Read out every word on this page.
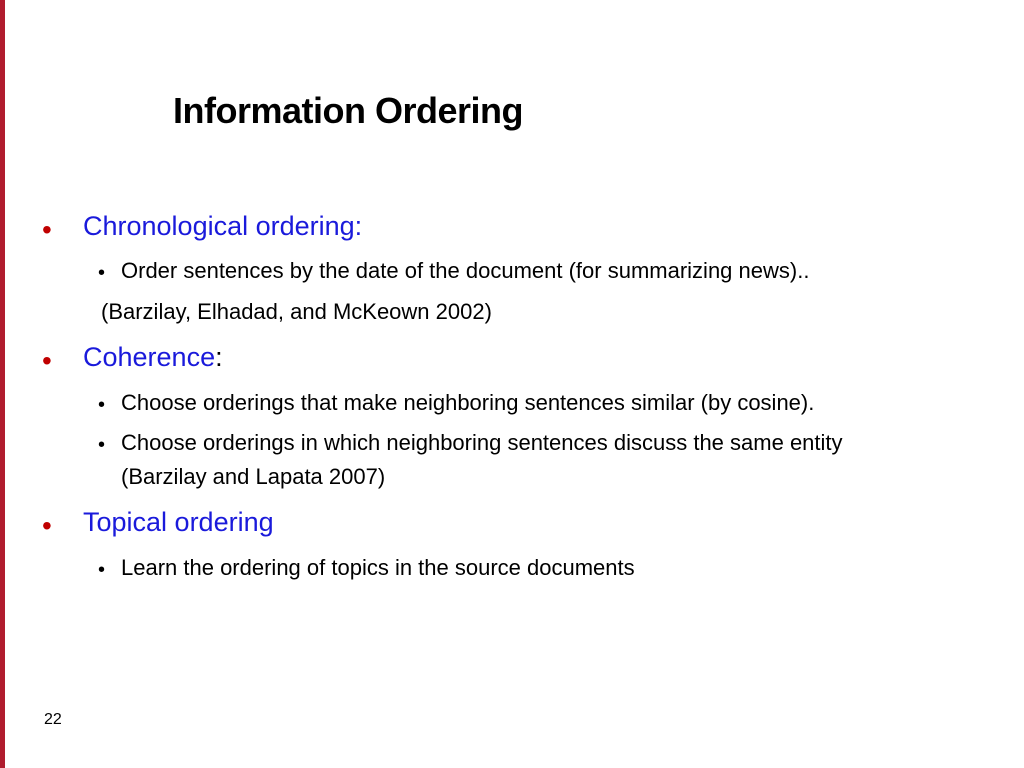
Information Ordering
• Chronological ordering:
• Order sentences by the date of the document (for summarizing news)..
(Barzilay, Elhadad, and McKeown 2002)
• Coherence:
• Choose orderings that make neighboring sentences similar (by cosine).
• Choose orderings in which neighboring sentences discuss the same entity
(Barzilay and Lapata 2007)
• Topical ordering
• Learn the ordering of topics in the source documents
22
